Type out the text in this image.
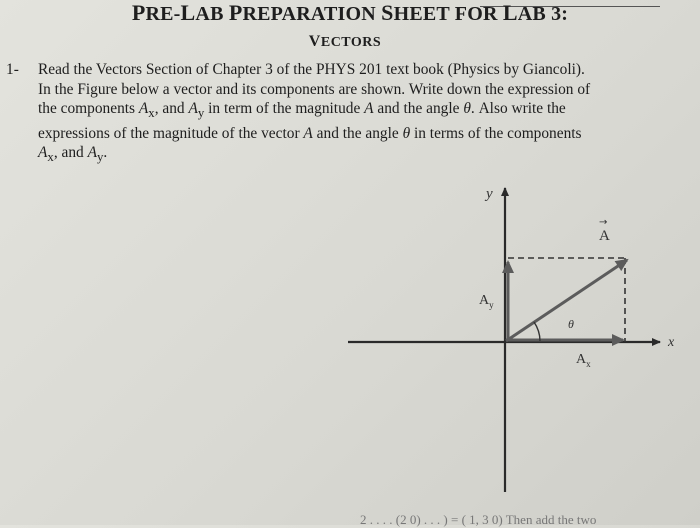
PRE-LAB PREPARATION SHEET FOR LAB 3:
VECTORS
1- Read the Vectors Section of Chapter 3 of the PHYS 201 text book (Physics by Giancoli).

In the Figure below a vector and its components are shown. Write down the expression of

the components $A_x$, and $A_y$ in term of the magnitude A and the angle θ. Also write the

expressions of the magnitude of the vector A and the angle θ in terms of the components

$A_x$, and $A_y$.

y
x
→
A
$A_y$
$A_x$
θ
2 . . . . (2 0) . . . ) = ( 1, 3 0) Then add the two
